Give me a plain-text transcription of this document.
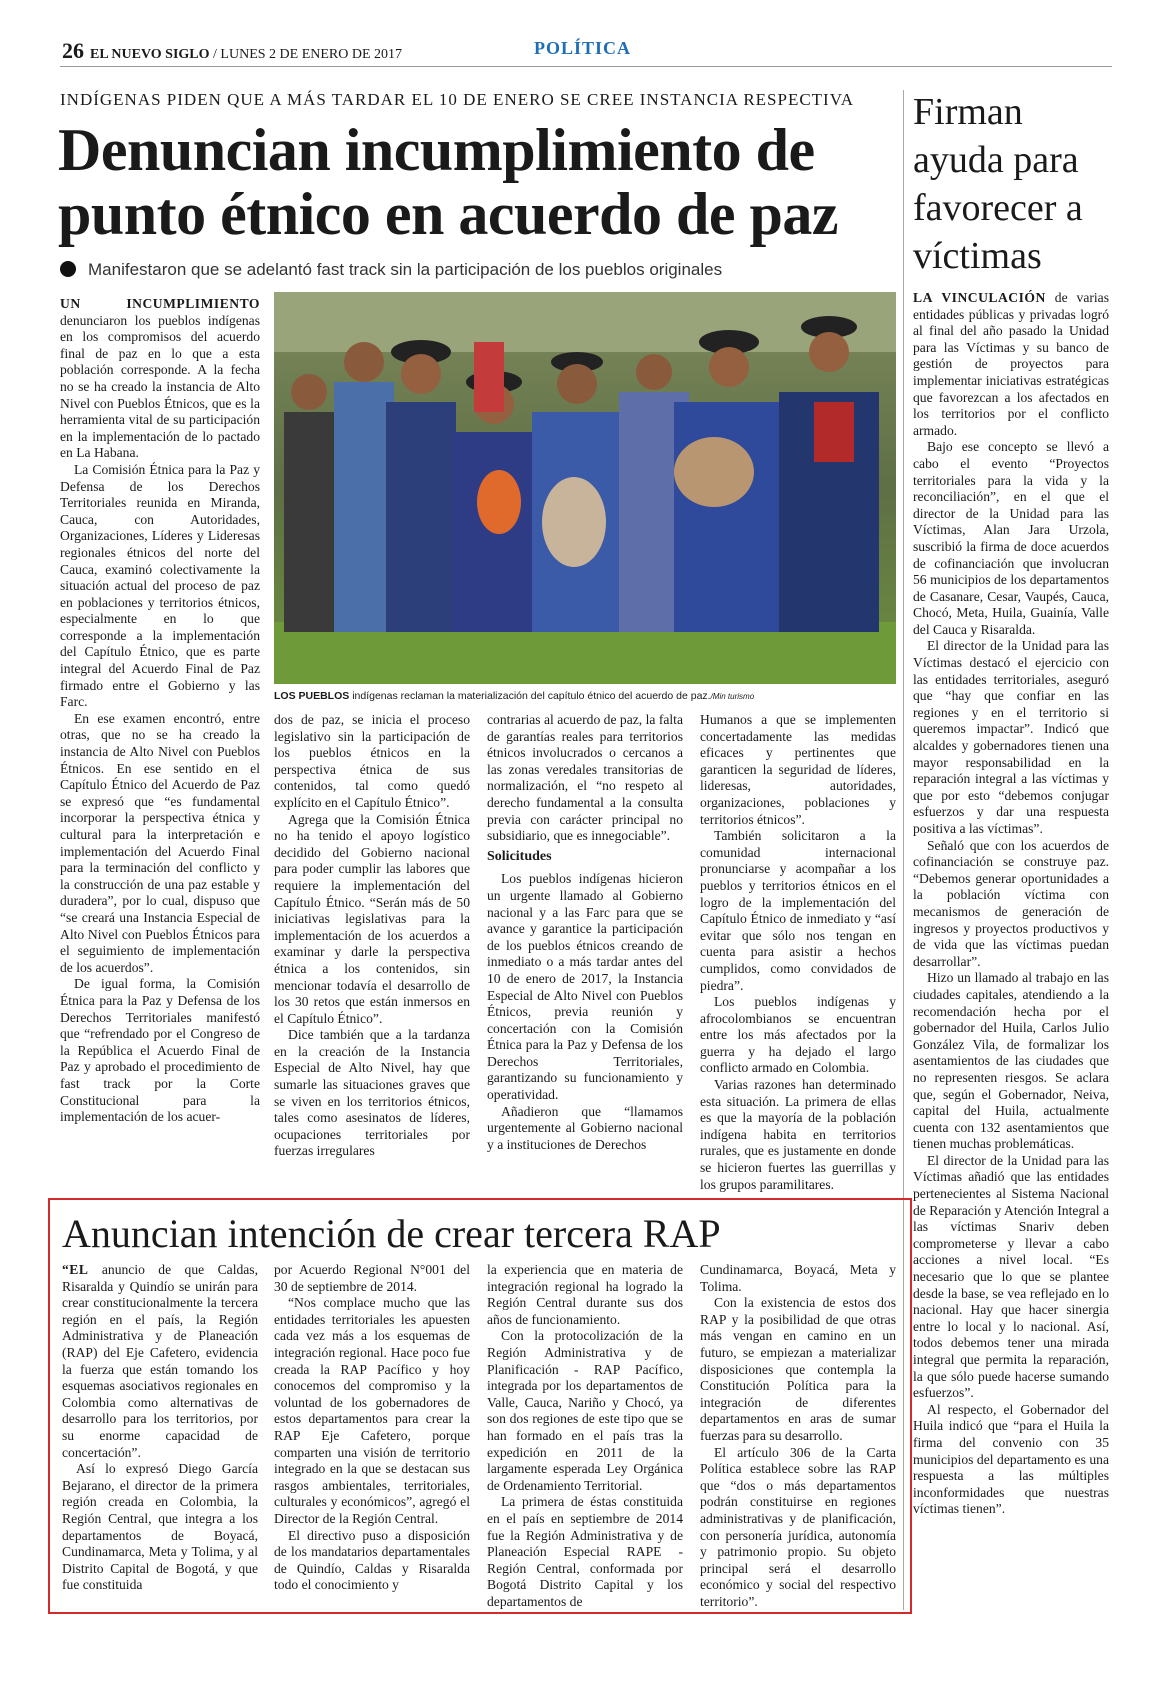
26 EL NUEVO SIGLO / LUNES 2 DE ENERO DE 2017	POLÍTICA
INDÍGENAS PIDEN QUE A MÁS TARDAR EL 10 DE ENERO SE CREE INSTANCIA RESPECTIVA
Denuncian incumplimiento de punto étnico en acuerdo de paz
Manifestaron que se adelantó fast track sin la participación de los pueblos originales

UN INCUMPLIMIENTO denunciaron los pueblos indígenas en los compromisos del acuerdo final de paz en lo que a esta población corresponde. A la fecha no se ha creado la instancia de Alto Nivel con Pueblos Étnicos, que es la herramienta vital de su participación en la implementación de lo pactado en La Habana.

La Comisión Étnica para la Paz y Defensa de los Derechos Territoriales reunida en Miranda, Cauca, con Autoridades, Organizaciones, Líderes y Lideresas regionales étnicos del norte del Cauca, examinó colectivamente la situación actual del proceso de paz en poblaciones y territorios étnicos, especialmente en lo que corresponde a la implementación del Capítulo Étnico, que es parte integral del Acuerdo Final de Paz firmado entre el Gobierno y las Farc.

En ese examen encontró, entre otras, que no se ha creado la instancia de Alto Nivel con Pueblos Étnicos. En ese sentido en el Capítulo Étnico del Acuerdo de Paz se expresó que “es fundamental incorporar la perspectiva étnica y cultural para la interpretación e implementación del Acuerdo Final para la terminación del conflicto y la construcción de una paz estable y duradera”, por lo cual, dispuso que “se creará una Instancia Especial de Alto Nivel con Pueblos Étnicos para el seguimiento de implementación de los acuerdos”.

De igual forma, la Comisión Étnica para la Paz y Defensa de los Derechos Territoriales manifestó que “refrendado por el Congreso de la República el Acuerdo Final de Paz y aprobado el procedimiento de fast track por la Corte Constitucional para la implementación de los acuer-

LOS PUEBLOS indígenas reclaman la materialización del capítulo étnico del acuerdo de paz./Min turismo

dos de paz, se inicia el proceso legislativo sin la participación de los pueblos étnicos en la perspectiva étnica de sus contenidos, tal como quedó explícito en el Capítulo Étnico”.

Agrega que la Comisión Étnica no ha tenido el apoyo logístico decidido del Gobierno nacional para poder cumplir las labores que requiere la implementación del Capítulo Étnico. “Serán más de 50 iniciativas legislativas para la implementación de los acuerdos a examinar y darle la perspectiva étnica a los contenidos, sin mencionar todavía el desarrollo de los 30 retos que están inmersos en el Capítulo Étnico”.

Dice también que a la tardanza en la creación de la Instancia Especial de Alto Nivel, hay que sumarle las situaciones graves que se viven en los territorios étnicos, tales como asesinatos de líderes, ocupaciones territoriales por fuerzas irregulares

contrarias al acuerdo de paz, la falta de garantías reales para territorios étnicos involucrados o cercanos a las zonas veredales transitorias de normalización, el “no respeto al derecho fundamental a la consulta previa con carácter principal no subsidiario, que es innegociable”.

Solicitudes

Los pueblos indígenas hicieron un urgente llamado al Gobierno nacional y a las Farc para que se avance y garantice la participación de los pueblos étnicos creando de inmediato o a más tardar antes del 10 de enero de 2017, la Instancia Especial de Alto Nivel con Pueblos Étnicos, previa reunión y concertación con la Comisión Étnica para la Paz y Defensa de los Derechos Territoriales, garantizando su funcionamiento y operatividad.

Añadieron que “llamamos urgentemente al Gobierno nacional y a instituciones de Derechos

Humanos a que se implementen concertadamente las medidas eficaces y pertinentes que garanticen la seguridad de líderes, lideresas, autoridades, organizaciones, poblaciones y territorios étnicos”.

También solicitaron a la comunidad internacional pronunciarse y acompañar a los pueblos y territorios étnicos en el logro de la implementación del Capítulo Étnico de inmediato y “así evitar que sólo nos tengan en cuenta para asistir a hechos cumplidos, como convidados de piedra”.

Los pueblos indígenas y afrocolombianos se encuentran entre los más afectados por la guerra y ha dejado el largo conflicto armado en Colombia.

Varias razones han determinado esta situación. La primera de ellas es que la mayoría de la población indígena habita en territorios rurales, que es justamente en donde se hicieron fuertes las guerrillas y los grupos paramilitares.

Firman ayuda para favorecer a víctimas

LA VINCULACIÓN de varias entidades públicas y privadas logró al final del año pasado la Unidad para las Víctimas y su banco de gestión de proyectos para implementar iniciativas estratégicas que favorezcan a los afectados en los territorios por el conflicto armado.

Bajo ese concepto se llevó a cabo el evento “Proyectos territoriales para la vida y la reconciliación”, en el que el director de la Unidad para las Víctimas, Alan Jara Urzola, suscribió la firma de doce acuerdos de cofinanciación que involucran 56 municipios de los departamentos de Casanare, Cesar, Vaupés, Cauca, Chocó, Meta, Huila, Guainía, Valle del Cauca y Risaralda.

El director de la Unidad para las Víctimas destacó el ejercicio con las entidades territoriales, aseguró que “hay que confiar en las regiones y en el territorio si queremos impactar”. Indicó que alcaldes y gobernadores tienen una mayor responsabilidad en la reparación integral a las víctimas y que por esto “debemos conjugar esfuerzos y dar una respuesta positiva a las víctimas”.

Señaló que con los acuerdos de cofinanciación se construye paz. “Debemos generar oportunidades a la población víctima con mecanismos de generación de ingresos y proyectos productivos y de vida que las víctimas puedan desarrollar”.

Hizo un llamado al trabajo en las ciudades capitales, atendiendo a la recomendación hecha por el gobernador del Huila, Carlos Julio González Vila, de formalizar los asentamientos de las ciudades que no representen riesgos. Se aclara que, según el Gobernador, Neiva, capital del Huila, actualmente cuenta con 132 asentamientos que tienen muchas problemáticas.

El director de la Unidad para las Víctimas añadió que las entidades pertenecientes al Sistema Nacional de Reparación y Atención Integral a las víctimas Snariv deben comprometerse y llevar a cabo acciones a nivel local. “Es necesario que lo que se plantee desde la base, se vea reflejado en lo nacional. Hay que hacer sinergia entre lo local y lo nacional. Así, todos debemos tener una mirada integral que permita la reparación, la que sólo puede hacerse sumando esfuerzos”.

Al respecto, el Gobernador del Huila indicó que “para el Huila la firma del convenio con 35 municipios del departamento es una respuesta a las múltiples inconformidades que nuestras víctimas tienen”.

Anuncian intención de crear tercera RAP

“EL anuncio de que Caldas, Risaralda y Quindío se unirán para crear constitucionalmente la tercera región en el país, la Región Administrativa y de Planeación (RAP) del Eje Cafetero, evidencia la fuerza que están tomando los esquemas asociativos regionales en Colombia como alternativas de desarrollo para los territorios, por su enorme capacidad de concertación”.

Así lo expresó Diego García Bejarano, el director de la primera región creada en Colombia, la Región Central, que integra a los departamentos de Boyacá, Cundinamarca, Meta y Tolima, y al Distrito Capital de Bogotá, y que fue constituida

por Acuerdo Regional N°001 del 30 de septiembre de 2014.

“Nos complace mucho que las entidades territoriales les apuesten cada vez más a los esquemas de integración regional. Hace poco fue creada la RAP Pacífico y hoy conocemos del compromiso y la voluntad de los gobernadores de estos departamentos para crear la RAP Eje Cafetero, porque comparten una visión de territorio integrado en la que se destacan sus rasgos ambientales, territoriales, culturales y económicos”, agregó el Director de la Región Central.

El directivo puso a disposición de los mandatarios departamentales de Quindío, Caldas y Risaralda todo el conocimiento y

la experiencia que en materia de integración regional ha logrado la Región Central durante sus dos años de funcionamiento.

Con la protocolización de la Región Administrativa y de Planificación - RAP Pacífico, integrada por los departamentos de Valle, Cauca, Nariño y Chocó, ya son dos regiones de este tipo que se han formado en el país tras la expedición en 2011 de la largamente esperada Ley Orgánica de Ordenamiento Territorial.

La primera de éstas constituida en el país en septiembre de 2014 fue la Región Administrativa y de Planeación Especial RAPE - Región Central, conformada por Bogotá Distrito Capital y los departamentos de

Cundinamarca, Boyacá, Meta y Tolima.

Con la existencia de estos dos RAP y la posibilidad de que otras más vengan en camino en un futuro, se empiezan a materializar disposiciones que contempla la Constitución Política para la integración de diferentes departamentos en aras de sumar fuerzas para su desarrollo.

El artículo 306 de la Carta Política establece sobre las RAP que “dos o más departamentos podrán constituirse en regiones administrativas y de planificación, con personería jurídica, autonomía y patrimonio propio. Su objeto principal será el desarrollo económico y social del respectivo territorio”.
